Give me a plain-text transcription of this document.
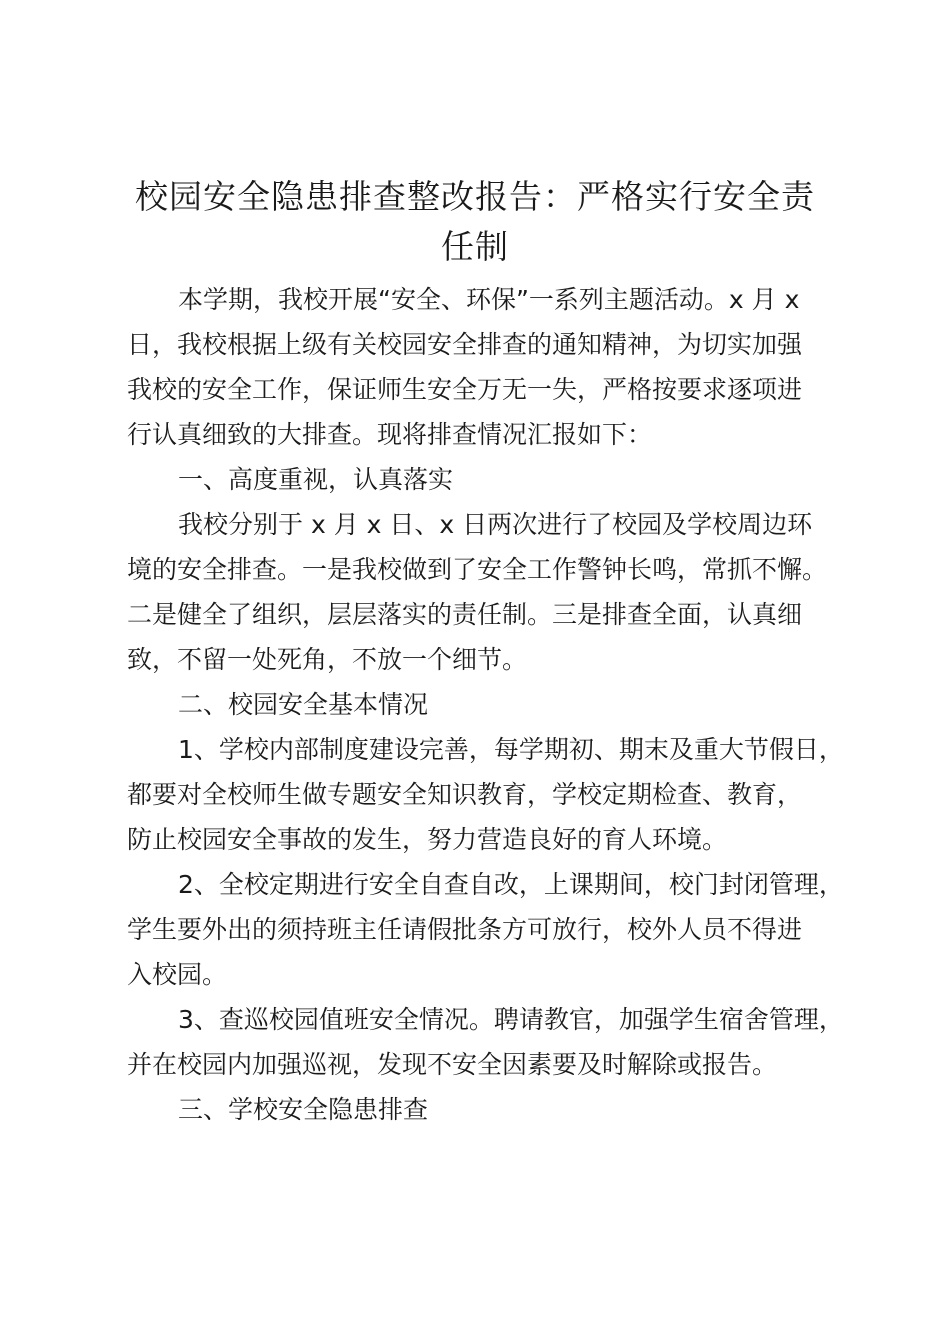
校园安全隐患排查整改报告：严格实行安全责
任制
本学期，我校开展“安全、环保”一系列主题活动。x 月 x
日，我校根据上级有关校园安全排查的通知精神，为切实加强
我校的安全工作，保证师生安全万无一失，严格按要求逐项进
行认真细致的大排查。现将排查情况汇报如下：
一、高度重视，认真落实
我校分别于 x 月 x 日、x 日两次进行了校园及学校周边环
境的安全排查。一是我校做到了安全工作警钟长鸣，常抓不懈。
二是健全了组织，层层落实的责任制。三是排查全面，认真细
致，不留一处死角，不放一个细节。
二、校园安全基本情况
1、学校内部制度建设完善，每学期初、期末及重大节假日，
都要对全校师生做专题安全知识教育，学校定期检查、教育，
防止校园安全事故的发生，努力营造良好的育人环境。
2、全校定期进行安全自查自改，上课期间，校门封闭管理，
学生要外出的须持班主任请假批条方可放行，校外人员不得进
入校园。
3、查巡校园值班安全情况。聘请教官，加强学生宿舍管理，
并在校园内加强巡视，发现不安全因素要及时解除或报告。
三、学校安全隐患排查
